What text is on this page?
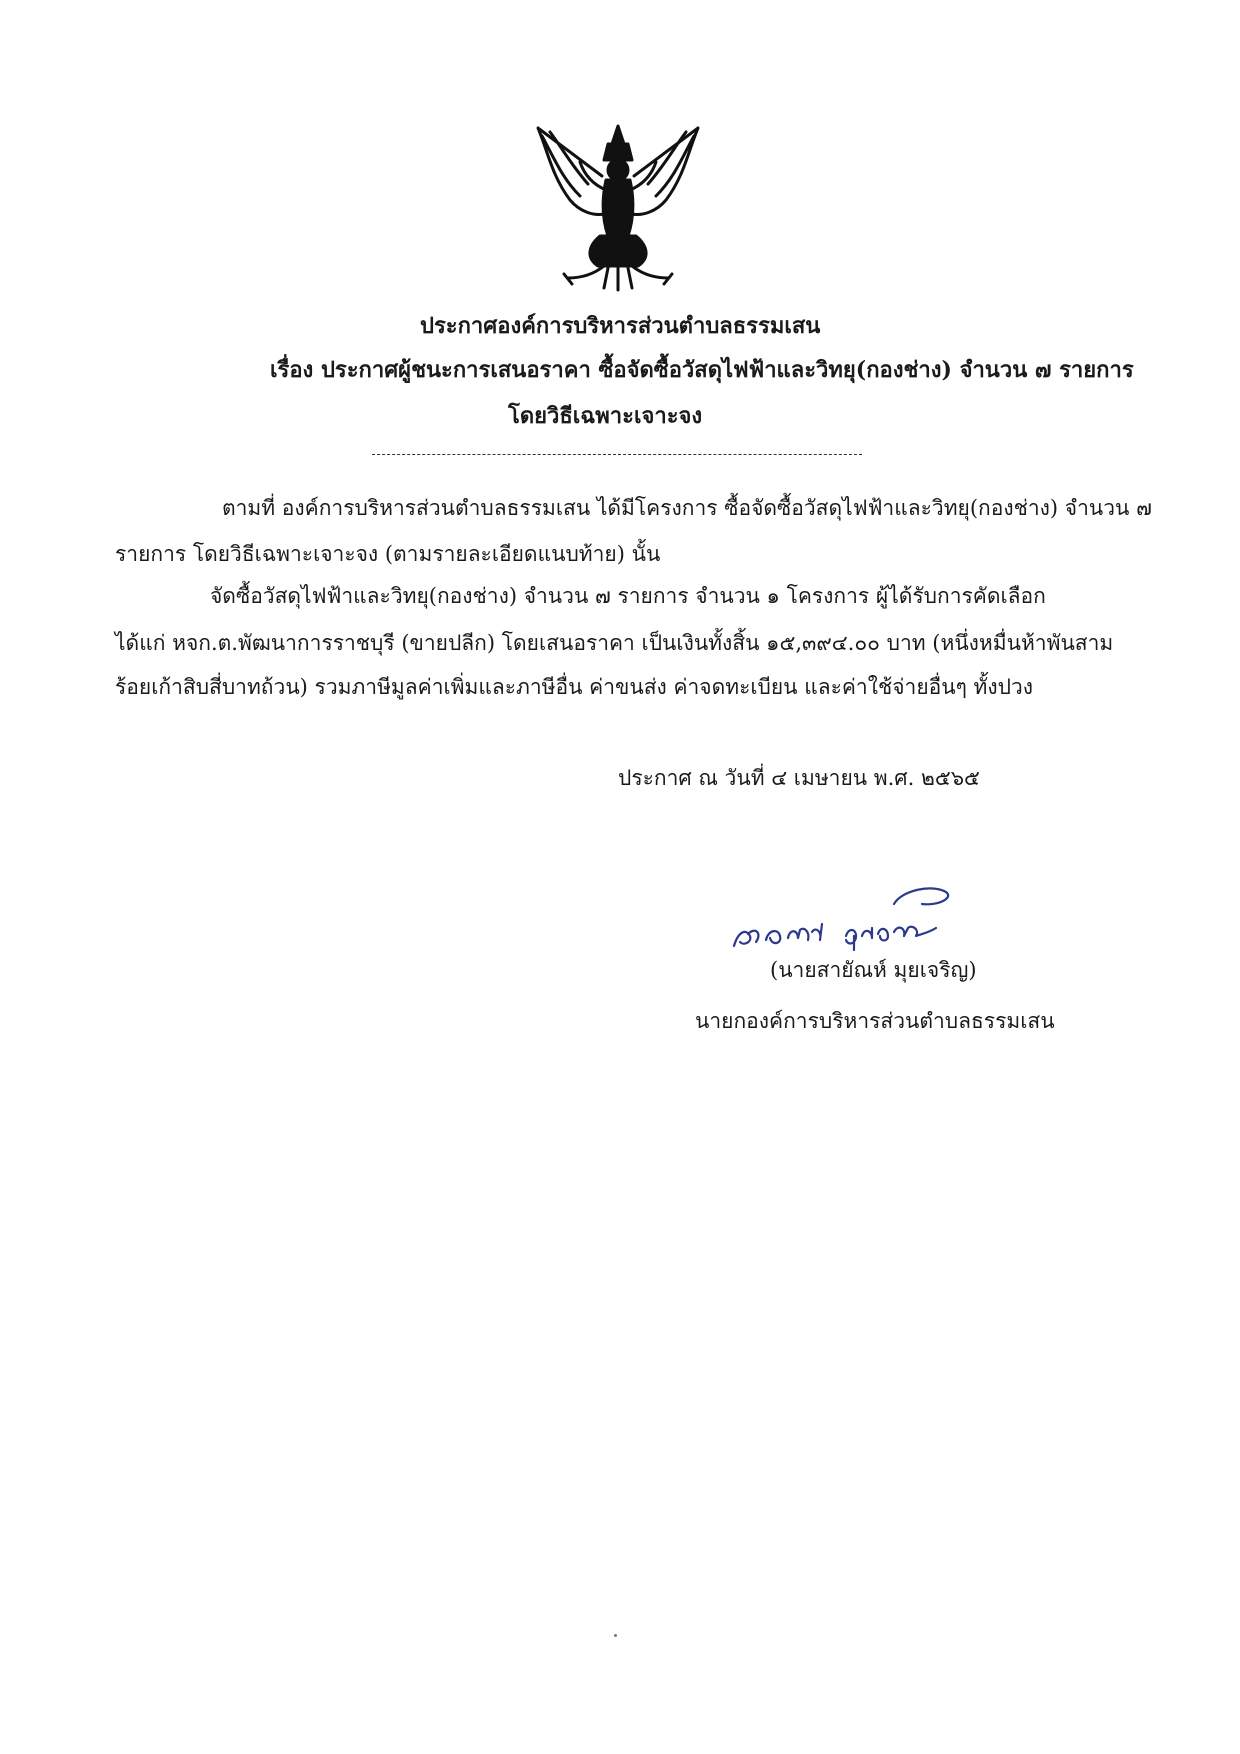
ประกาศองค์การบริหารส่วนตำบลธรรมเสน
เรื่อง ประกาศผู้ชนะการเสนอราคา ซื้อจัดซื้อวัสดุไฟฟ้าและวิทยุ(กองช่าง) จำนวน ๗ รายการ
โดยวิธีเฉพาะเจาะจง
ตามที่ องค์การบริหารส่วนตำบลธรรมเสน ได้มีโครงการ ซื้อจัดซื้อวัสดุไฟฟ้าและวิทยุ(กองช่าง) จำนวน ๗
รายการ โดยวิธีเฉพาะเจาะจง (ตามรายละเอียดแนบท้าย) นั้น
จัดซื้อวัสดุไฟฟ้าและวิทยุ(กองช่าง) จำนวน ๗ รายการ จำนวน ๑ โครงการ ผู้ได้รับการคัดเลือก
ได้แก่ หจก.ต.พัฒนาการราชบุรี (ขายปลีก) โดยเสนอราคา เป็นเงินทั้งสิ้น ๑๕,๓๙๔.๐๐ บาท (หนึ่งหมื่นห้าพันสาม
ร้อยเก้าสิบสี่บาทถ้วน) รวมภาษีมูลค่าเพิ่มและภาษีอื่น ค่าขนส่ง ค่าจดทะเบียน และค่าใช้จ่ายอื่นๆ ทั้งปวง
ประกาศ ณ วันที่ ๔ เมษายน พ.ศ. ๒๕๖๕
(นายสายัณห์ มุยเจริญ)
นายกองค์การบริหารส่วนตำบลธรรมเสน
